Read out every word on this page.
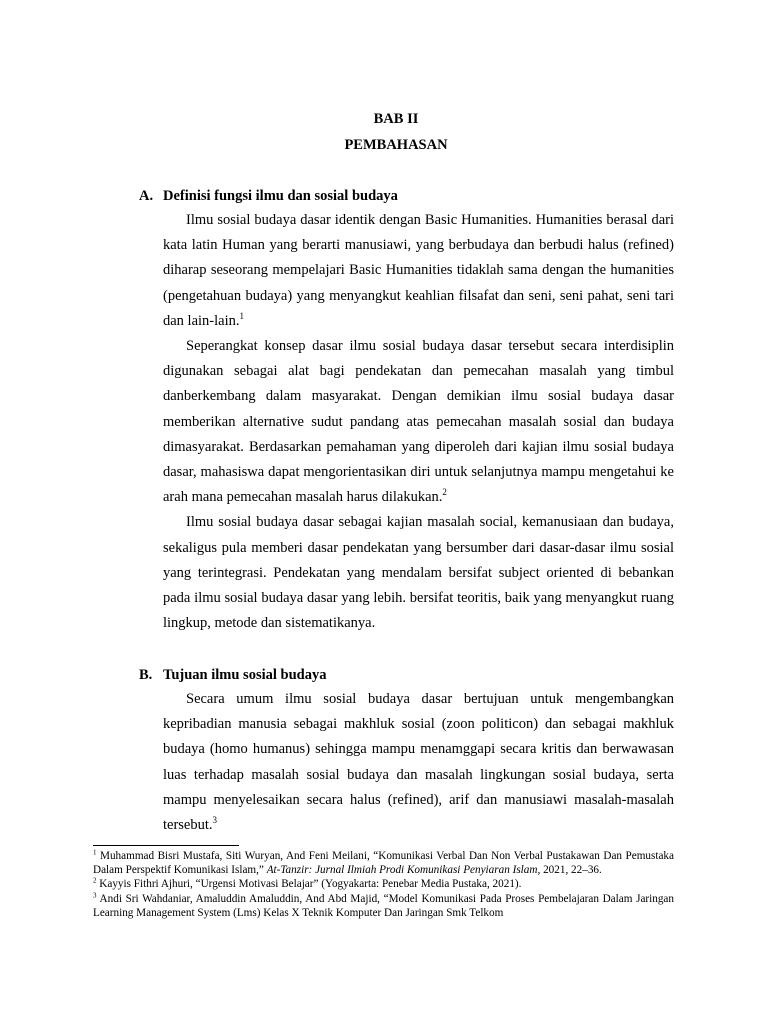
BAB II
PEMBAHASAN
A. Definisi fungsi ilmu dan sosial budaya

Ilmu sosial budaya dasar identik dengan Basic Humanities. Humanities berasal dari kata latin Human yang berarti manusiawi, yang berbudaya dan berbudi halus (refined) diharap seseorang mempelajari Basic Humanities tidaklah sama dengan the humanities (pengetahuan budaya) yang menyangkut keahlian filsafat dan seni, seni pahat, seni tari dan lain-lain.$^1$

Seperangkat konsep dasar ilmu sosial budaya dasar tersebut secara interdisiplin digunakan sebagai alat bagi pendekatan dan pemecahan masalah yang timbul danberkembang dalam masyarakat. Dengan demikian ilmu sosial budaya dasar memberikan alternative sudut pandang atas pemecahan masalah sosial dan budaya dimasyarakat. Berdasarkan pemahaman yang diperoleh dari kajian ilmu sosial budaya dasar, mahasiswa dapat mengorientasikan diri untuk selanjutnya mampu mengetahui ke arah mana pemecahan masalah harus dilakukan.$^2$

Ilmu sosial budaya dasar sebagai kajian masalah social, kemanusiaan dan budaya, sekaligus pula memberi dasar pendekatan yang bersumber dari dasar-dasar ilmu sosial yang terintegrasi. Pendekatan yang mendalam bersifat subject oriented di bebankan pada ilmu sosial budaya dasar yang lebih. bersifat teoritis, baik yang menyangkut ruang lingkup, metode dan sistematikanya.

B. Tujuan ilmu sosial budaya

Secara umum ilmu sosial budaya dasar bertujuan untuk mengembangkan kepribadian manusia sebagai makhluk sosial (zoon politicon) dan sebagai makhluk budaya (homo humanus) sehingga mampu menamggapi secara kritis dan berwawasan luas terhadap masalah sosial budaya dan masalah lingkungan sosial budaya, serta mampu menyelesaikan secara halus (refined), arif dan manusiawi masalah-masalah tersebut.$^3$

$^1$ Muhammad Bisri Mustafa, Siti Wuryan, And Feni Meilani, “Komunikasi Verbal Dan Non Verbal Pustakawan Dan Pemustaka Dalam Perspektif Komunikasi Islam,” At-Tanzir: Jurnal Ilmiah Prodi Komunikasi Penyiaran Islam, 2021, 22–36.

$^2$ Kayyis Fithri Ajhuri, “Urgensi Motivasi Belajar” (Yogyakarta: Penebar Media Pustaka, 2021).

$^3$ Andi Sri Wahdaniar, Amaluddin Amaluddin, And Abd Majid, “Model Komunikasi Pada Proses Pembelajaran Dalam Jaringan Learning Management System (Lms) Kelas X Teknik Komputer Dan Jaringan Smk Telkom
